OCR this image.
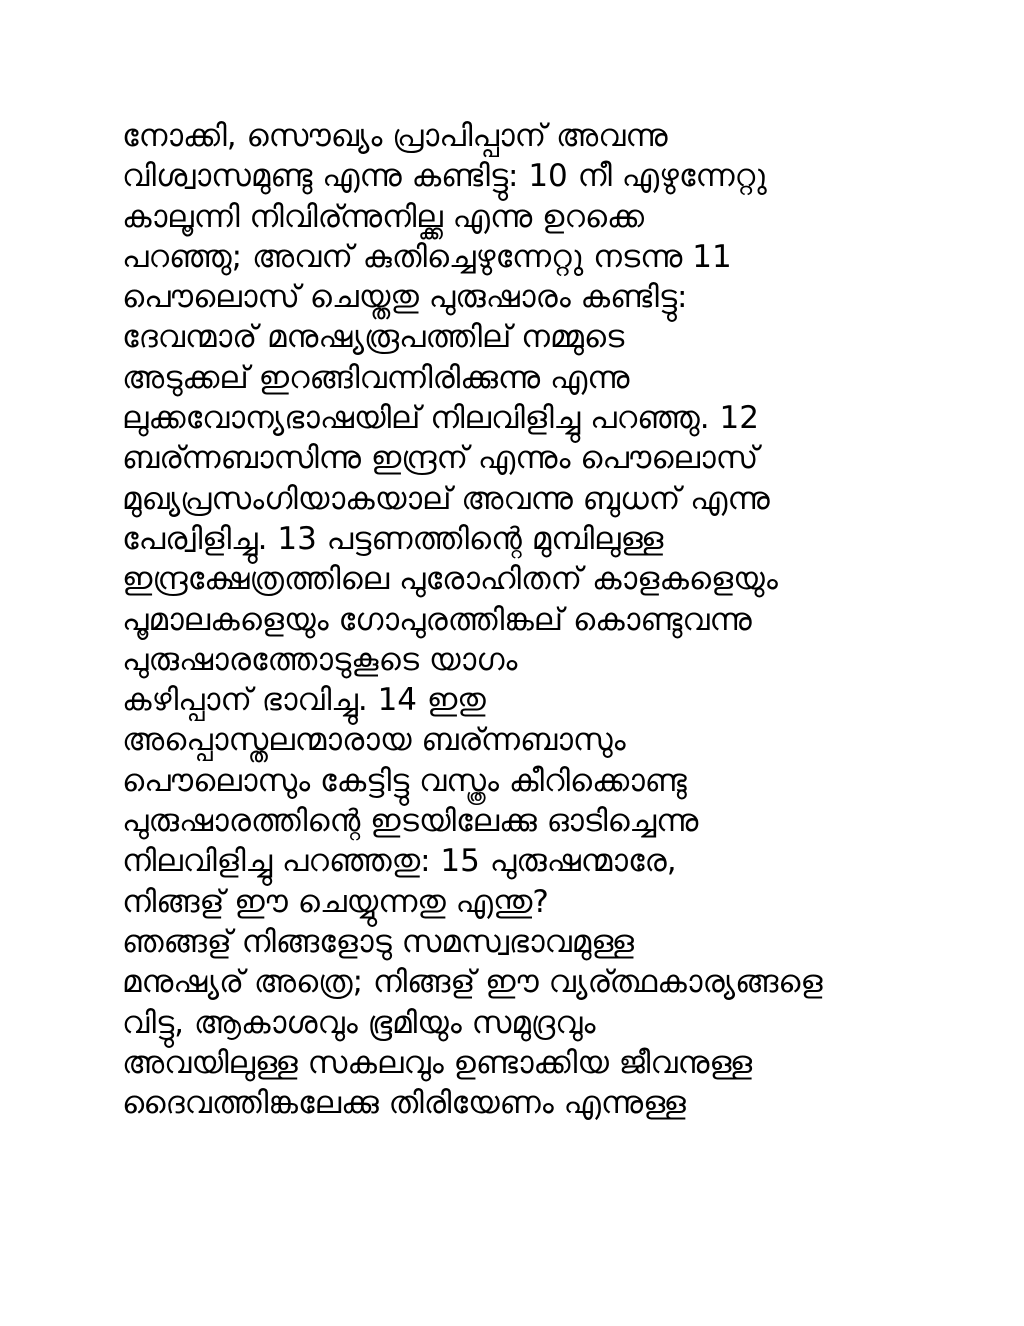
നോക്കി, സൌഖ്യം പ്രാപിപ്പാന് അവന്നു
വിശ്വാസമുണ്ടു എന്നു കണ്ടിട്ടു: 10 നീ എഴുന്നേറ്റു
കാലൂന്നി നിവിര്ന്നുനില്ക്ക എന്നു ഉറക്കെ
പറഞ്ഞു; അവന് കുതിച്ചെഴുന്നേറ്റു നടന്നു 11
പൌലൊസ് ചെയ്തതു പുരുഷാരം കണ്ടിട്ടു:
ദേവന്മാര് മനുഷ്യരൂപത്തില് നമ്മുടെ
അടുക്കല് ഇറങ്ങിവന്നിരിക്കുന്നു എന്നു
ലുക്കവോന്യഭാഷയില് നിലവിളിച്ചു പറഞ്ഞു. 12
ബര്ന്നബാസിന്നു ഇന്ദ്രന് എന്നും പൌലൊസ്
മുഖ്യപ്രസംഗിയാകയാല് അവന്നു ബുധന് എന്നു
പേര്വിളിച്ചു. 13 പട്ടണത്തിന്റെ മുമ്പിലുള്ള
ഇന്ദ്രക്ഷേത്രത്തിലെ പുരോഹിതന് കാളകളെയും
പൂമാലകളെയും ഗോപുരത്തിങ്കല് കൊണ്ടുവന്നു
പുരുഷാരത്തോടുകൂടെ യാഗം
കഴിപ്പാന് ഭാവിച്ചു. 14 ഇതു
അപ്പൊസ്തലന്മാരായ ബര്ന്നബാസും
പൌലൊസും കേട്ടിട്ടു വസ്ത്രം കീറിക്കൊണ്ടു
പുരുഷാരത്തിന്റെ ഇടയിലേക്കു ഓടിച്ചെന്നു
നിലവിളിച്ചു പറഞ്ഞതു: 15 പുരുഷന്മാരേ,
നിങ്ങള് ഈ ചെയ്യുന്നതു എന്തു?
ഞങ്ങള് നിങ്ങളോടു സമസ്വഭാവമുള്ള
മനുഷ്യര് അത്രെ; നിങ്ങള് ഈ വ്യര്ത്ഥകാര്യങ്ങളെ
വിട്ടു, ആകാശവും ഭൂമിയും സമുദ്രവും
അവയിലുള്ള സകലവും ഉണ്ടാക്കിയ ജീവനുള്ള
ദൈവത്തിങ്കലേക്കു തിരിയേണം എന്നുള്ള
